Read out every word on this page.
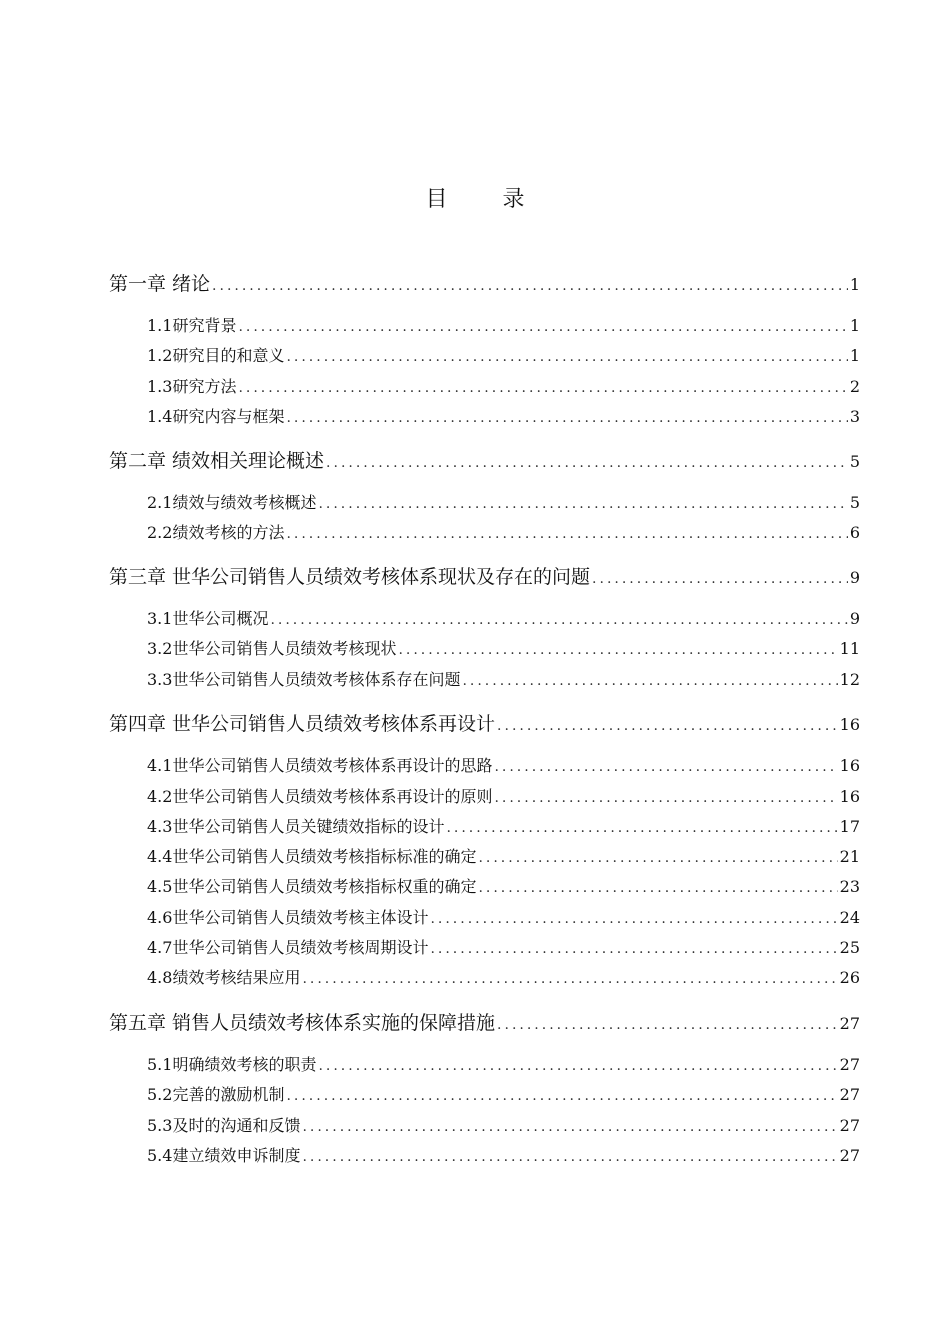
目 录
第一章 绪论 .....	1
1.1研究背景 .....	1
1.2研究目的和意义 .....	1
1.3研究方法 .....	2
1.4研究内容与框架 .....	3
第二章 绩效相关理论概述 .....	5
2.1绩效与绩效考核概述 .....	5
2.2绩效考核的方法 .....	6
第三章 世华公司销售人员绩效考核体系现状及存在的问题 .....	9
3.1世华公司概况 .....	9
3.2世华公司销售人员绩效考核现状 .....	11
3.3世华公司销售人员绩效考核体系存在问题 .....	12
第四章 世华公司销售人员绩效考核体系再设计 .....	16
4.1世华公司销售人员绩效考核体系再设计的思路 .....	16
4.2世华公司销售人员绩效考核体系再设计的原则 .....	16
4.3世华公司销售人员关键绩效指标的设计 .....	17
4.4世华公司销售人员绩效考核指标标准的确定 .....	21
4.5世华公司销售人员绩效考核指标权重的确定 .....	23
4.6世华公司销售人员绩效考核主体设计 .....	24
4.7世华公司销售人员绩效考核周期设计 .....	25
4.8绩效考核结果应用 .....	26
第五章 销售人员绩效考核体系实施的保障措施 .....	27
5.1明确绩效考核的职责 .....	27
5.2完善的激励机制 .....	27
5.3及时的沟通和反馈 .....	27
5.4建立绩效申诉制度 .....	27
